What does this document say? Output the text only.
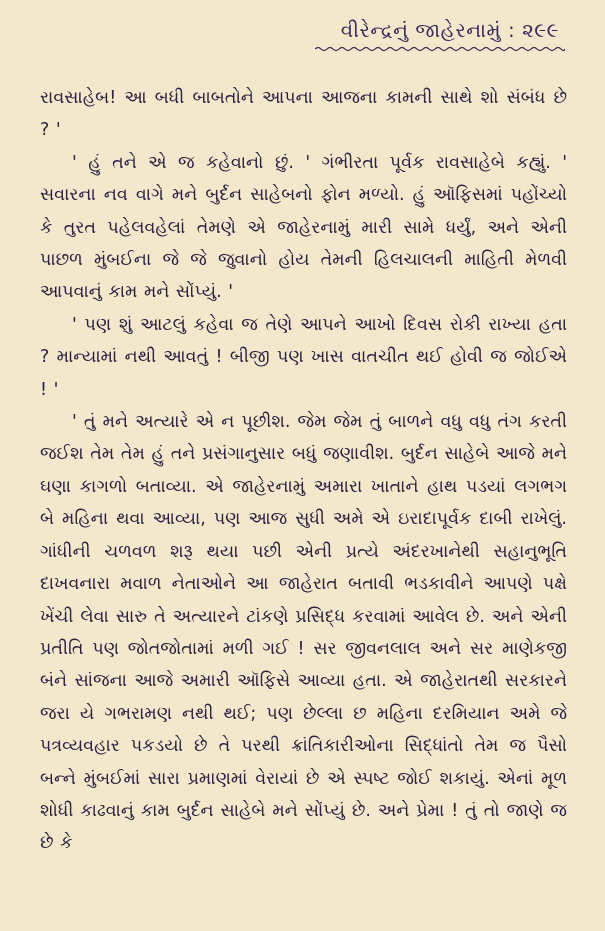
વીરેન્દ્રનું જાહેરનામું : ૨૯૯

રાવસાહેબ! આ બધી બાબતોને આપના આજના કામની સાથે શો સંબંધ છે ? '

' હું તને એ જ કહેવાનો છું. ' ગંભીરતા પૂર્વક રાવસાહેબે કહ્યું. ' સવારના નવ વાગે મને બુર્દન સાહેબનો ફોન મળ્યો. હું ઑફિસમાં પહોંચ્યો કે તુરત પહેલવહેલાં તેમણે એ જાહેરનામું મારી સામે ધર્યું, અને એની પાછળ મુંબઈના જે જે જુવાનો હોય તેમની હિલચાલની માહિતી મેળવી આપવાનું કામ મને સોંપ્યું. '

' પણ શું આટલું કહેવા જ તેણે આપને આખો દિવસ રોકી રાખ્યા હતા ? માન્યામાં નથી આવતું ! બીજી પણ ખાસ વાતચીત થઈ હોવી જ જોઈએ ! '

' તું મને અત્યારે એ ન પૂછીશ. જેમ જેમ તું બાળને વધુ વધુ તંગ કરતી જઈશ તેમ તેમ હું તને પ્રસંગાનુસાર બધું જણાવીશ. બુર્દન સાહેબે આજે મને ઘણા કાગળો બતાવ્યા. એ જાહેરનામું અમારા ખાતાને હાથ પડયાં લગભગ બે મહિના થવા આવ્યા, પણ આજ સુધી અમે એ ઇરાદાપૂર્વક દાબી રાખેલું. ગાંધીની ચળવળ શરૂ થયા પછી એની પ્રત્યે અંદરખાનેથી સહાનુભૂતિ દાખવનારા મવાળ નેતાઓને આ જાહેરાત બતાવી ભડકાવીને આપણે પક્ષે ખેંચી લેવા સારુ તે અત્યારને ટાંકણે પ્રસિદ્ધ કરવામાં આવેલ છે. અને એની પ્રતીતિ પણ જોતજોતામાં મળી ગઈ ! સર જીવનલાલ અને સર માણેકજી બંને સાંજના આજે અમારી ઑફિસે આવ્યા હતા. એ જાહેરાતથી સરકારને જરા યે ગભરામણ નથી થઈ; પણ છેલ્લા છ મહિના દરમિયાન અમે જે પત્રવ્યવહાર પકડયો છે તે પરથી ક્રાંતિકારીઓના સિદ્ધાંતો તેમ જ પૈસો બન્ને મુંબઈમાં સારા પ્રમાણમાં વેરાયાં છે એ સ્પષ્ટ જોઈ શકાયું. એનાં મૂળ શોધી કાઢવાનું કામ બુર્દન સાહેબે મને સોંપ્યું છે. અને પ્રેમા ! તું તો જાણે જ છે કે
